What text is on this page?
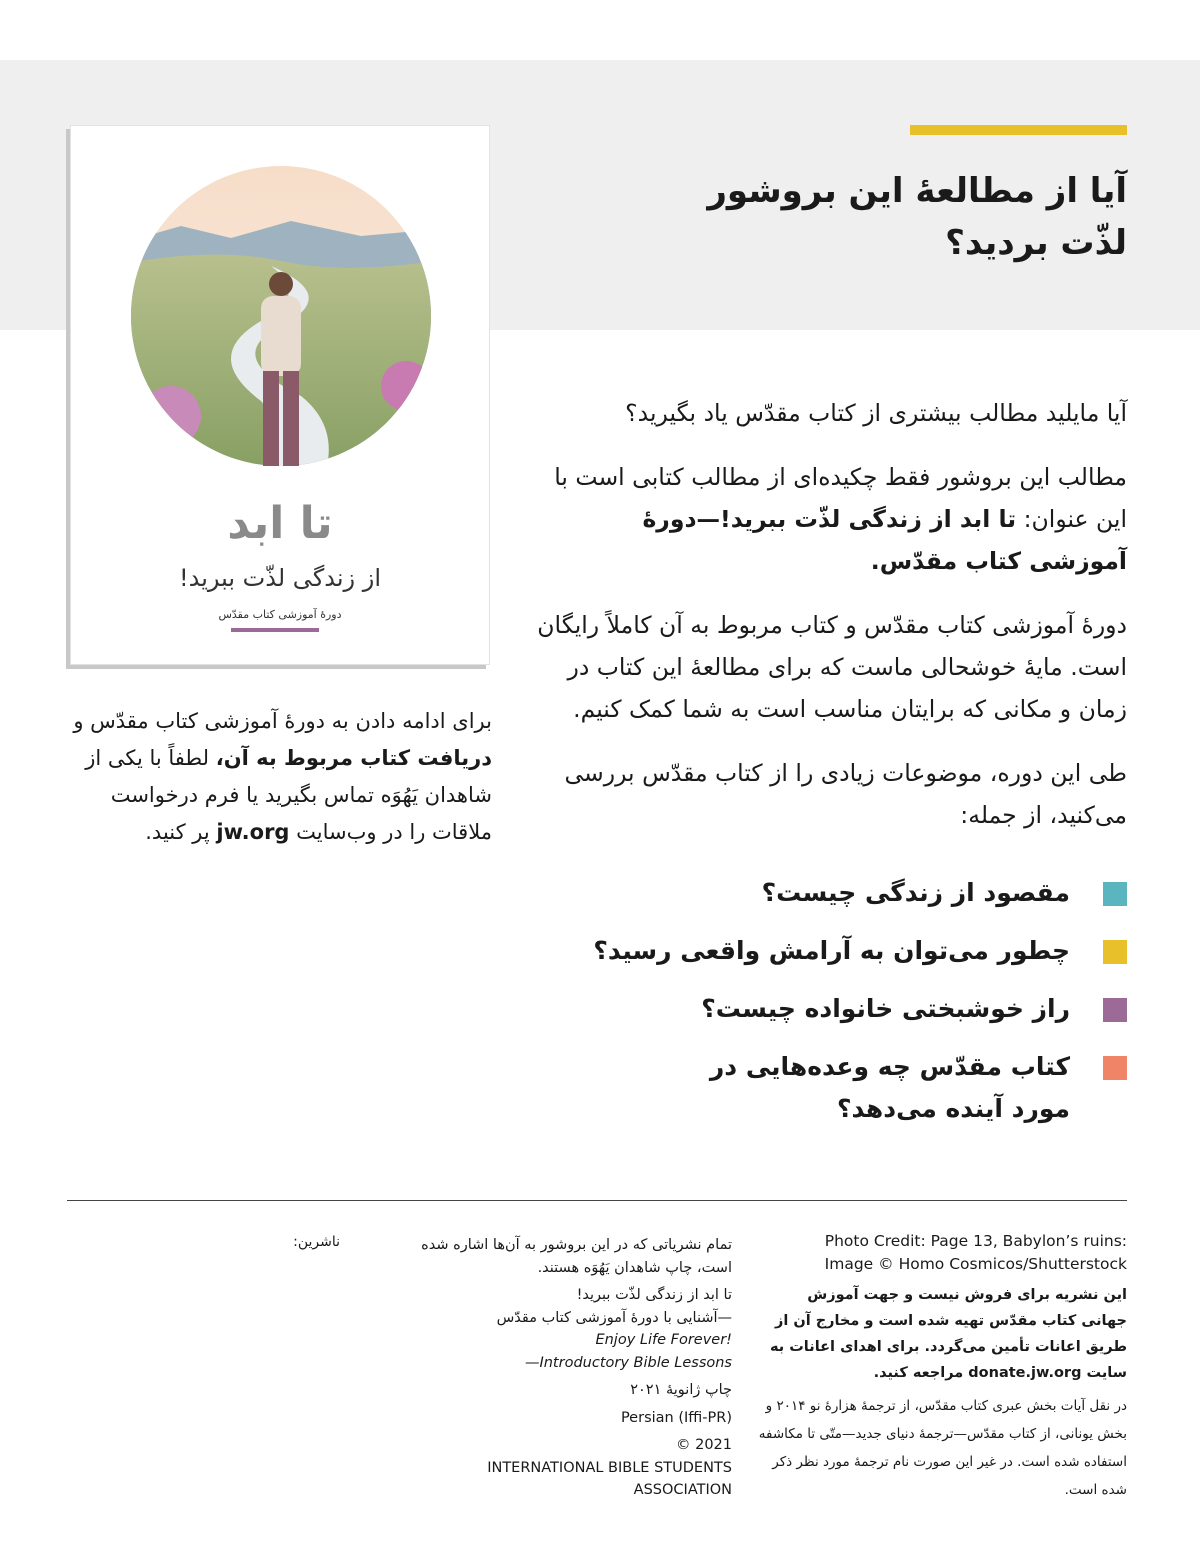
آیا از مطالعهٔ این بروشور لذّت بردید؟
تا ابد
از زندگی لذّت ببرید!
دورهٔ آموزشی کتاب مقدّس

برای ادامه دادن به دورهٔ آموزشی کتاب مقدّس و دریافت کتاب مربوط به آن، لطفاً با یکی از شاهدان یَهُوَه تماس بگیرید یا فرم درخواست ملاقات را در وب‌سایت jw.org پر کنید.

آیا مایلید مطالب بیشتری از کتاب مقدّس یاد بگیرید؟

مطالب این بروشور فقط چکیده‌ای از مطالب کتابی است با این عنوان: تا ابد از زندگی لذّت ببرید!—دورهٔ آموزشی کتاب مقدّس.

دورهٔ آموزشی کتاب مقدّس و کتاب مربوط به آن کاملاً رایگان است. مایهٔ خوشحالی ماست که برای مطالعهٔ این کتاب در زمان و مکانی که برایتان مناسب است به شما کمک کنیم.

طی این دوره، موضوعات زیادی را از کتاب مقدّس بررسی می‌کنید، از جمله:

مقصود از زندگی چیست؟
چطور می‌توان به آرامش واقعی رسید؟
راز خوشبختی خانواده چیست؟
کتاب مقدّس چه وعده‌هایی در مورد آینده می‌دهد؟
Photo Credit: Page 13, Babylon’s ruins:
Image © Homo Cosmicos/Shutterstock
این نشریه برای فروش نیست و جهت آموزش جهانی کتاب مقدّس تهیه شده است و مخارج آن از طریق اعانات تأمین می‌گردد. برای اهدای اعانات به سایت donate.jw.org مراجعه کنید.
در نقل آیات بخش عبری کتاب مقدّس، از ترجمهٔ هزارهٔ نو ۲۰۱۴ و بخش یونانی، از کتاب مقدّس—ترجمهٔ دنیای جدید—متّی تا مکاشفه استفاده شده است. در غیر این صورت نام ترجمهٔ مورد نظر ذکر شده است.
تمام نشریاتی که در این بروشور به آن‌ها اشاره شده است، چاپ شاهدان یَهُوَه هستند.
تا ابد از زندگی لذّت ببرید!
—آشنایی با دورهٔ آموزشی کتاب مقدّس
Enjoy Life Forever!
—Introductory Bible Lessons
چاپ ژانویهٔ ۲۰۲۱
Persian (Iffi-PR)
© 2021
INTERNATIONAL BIBLE STUDENTS
ASSOCIATION
ناشرین:
